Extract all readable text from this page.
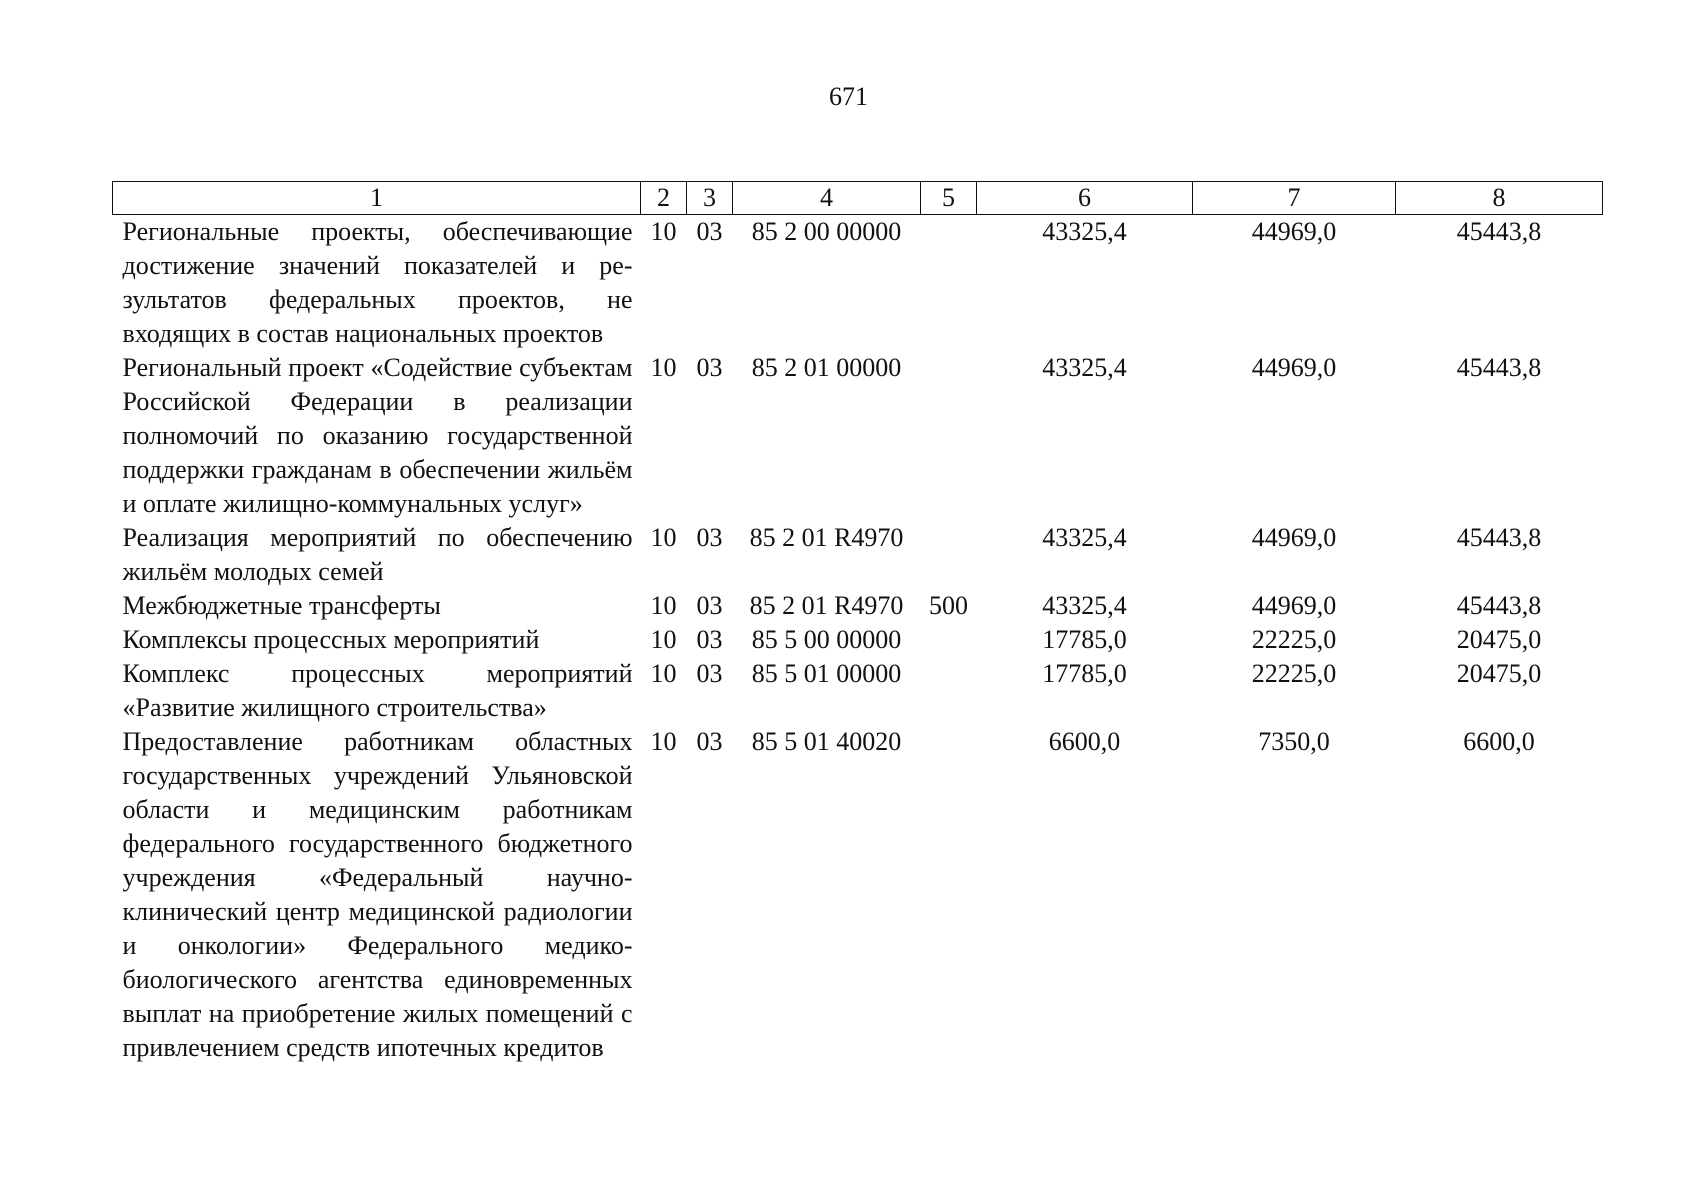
671
1	2	3	4	5	6	7	8
Региональные проекты, обеспечивающие достижение значений показателей и результатов федеральных проектов, не входящих в состав национальных проектов	10	03	85 2 00 00000		43325,4	44969,0	45443,8
Региональный проект «Содействие субъектам Российской Федерации в реализации полномочий по оказанию государственной поддержки гражданам в обеспечении жильём и оплате жилищно-коммунальных услуг»	10	03	85 2 01 00000		43325,4	44969,0	45443,8
Реализация мероприятий по обеспечению жильём молодых семей	10	03	85 2 01 R4970		43325,4	44969,0	45443,8
Межбюджетные трансферты	10	03	85 2 01 R4970	500	43325,4	44969,0	45443,8
Комплексы процессных мероприятий	10	03	85 5 00 00000		17785,0	22225,0	20475,0
Комплекс процессных мероприятий «Развитие жилищного строительства»	10	03	85 5 01 00000		17785,0	22225,0	20475,0
Предоставление работникам областных государственных учреждений Ульяновской области и медицинским работникам федерального государственного бюджетного учреждения «Федеральный научно-клинический центр медицинской радиологии и онкологии» Федерального медико-биологического агентства единовременных выплат на приобретение жилых помещений с привлечением средств ипотечных кредитов	10	03	85 5 01 40020		6600,0	7350,0	6600,0
